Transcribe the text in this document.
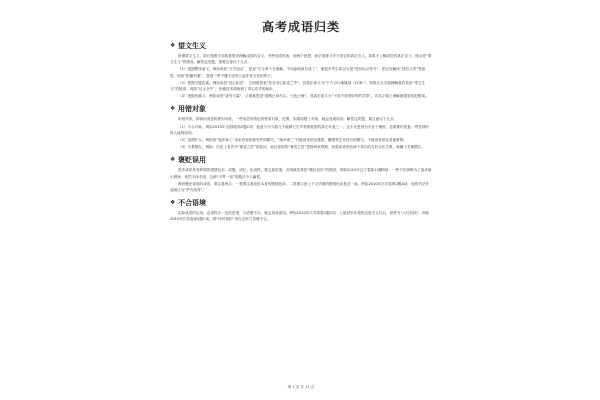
高考成语归类
❖ 望文生义

所谓望文生义，即只按照字面的意思来理解成语的含义，有些成语的表、面两个意思，而字面意义并不是它的真正含义。如果不了解成语的真正含义，便会犯“望文生义”的错误。解答这类题，需要注意以下几点：

（1）把握整体意义。例如成语“文不加点”，是说“写文章十分流畅，不用涂改就写成了”，而很多考生误以为是“没有标点符号”，把它误解成“没有文采”等意思。再如“附庸风雅”，是指一些不懂文化的人装作有文化的样子。

（2）把握关键语素。例如成语“处心积虑”，字面意思是“处在安心积虑之中”，其真正意义为“千方百计地谋划（坏事）”；如果仅从字面理解就容易犯“望文生义”的错误。再如“目无全牛”，比喻技术熟练到了得心应手的地步。

（3）把握比喻义。例如成语“途穷日暮”，字面意思是“道路已到尽头、天色已晚”，其真正意义为“不得不放弃原有的打算”，若从字面上理解就很容易犯错误。

❖ 用错对象

用错对象，即误用成语的使用对象。一些成语有特定的使用对象，范围，如果用错了对象，就会造成误用。解答这类题，要注意以下几点：

（1）不合对象。例如2010年全国Ⅰ卷第2题C项：他是当今少数几个能够左右声势的财团的真正代表之一。这不光是因为专业于敏锐，更重要的是他一贯坚持的待人接物原则。

（2）范围扩大。例如将“鬼斧神工”用来形容机械零件的精巧，“鬼斧神工”只能用来形容建筑、雕塑等艺术技巧的精巧，不能用来形容其他事物。

（3）关系错位。例如：历史上有许多“秦晋之好”的佳话，而这里用的“秦晋之好”是指两家联姻，如果用来形容两个单位的友好合作关系，就属于关系错位。

❖ 褒贬误用

很多成语具有鲜明的感情色彩，或褒、或贬。运用时，要注意语境，否则就容易犯“褒贬误用”的错误。例如2010年辽宁卷第13题B项：一些不法商贩为了追求最大利润，竟然不择手段，这种“不赞一词”的做法令人痛恨。

辨析褒贬误用的成语，要注意两点：一是要注意成语本身的感情色彩，二是要注意上下文语境的感情色彩是否一致。例如2010年江苏卷第2题A项：他的书法作品被认为“炉火纯青”。

❖ 不合语境

实际成语的运用，必须符合一定的语境，与语境不合，就会造成误用。例如2010年江苏卷第2题C项：上届冠军乐观的态度引人注目，被誉为“大巧若拙”。例如2010年江苏卷第2题C项，将“环环相扣”用在这里与语境不合。

第 1 页 共 11 页
